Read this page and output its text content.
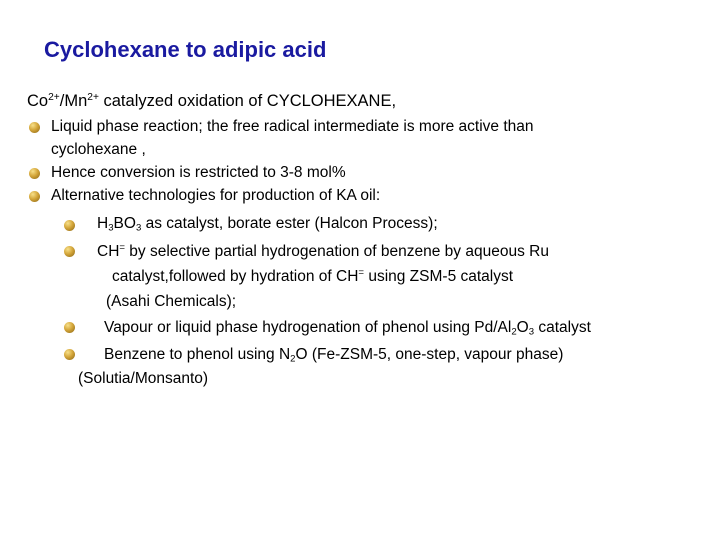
Cyclohexane to adipic acid
$Co^{2+}/Mn^{2+}$ catalyzed oxidation of CYCLOHEXANE,
Liquid phase reaction; the free radical intermediate is more active than
cyclohexane ,
Hence conversion is restricted to 3-8 mol%
Alternative technologies for production of KA oil:
$H_3BO_3$ as catalyst, borate ester (Halcon Process);
CH= by selective partial hydrogenation of benzene by aqueous Ru
catalyst,followed by hydration of CH= using ZSM-5 catalyst
(Asahi Chemicals);
Vapour or liquid phase hydrogenation of phenol using $Pd/Al_2O_3$ catalyst
Benzene to phenol using $N_2O$ (Fe-ZSM-5, one-step, vapour phase)
(Solutia/Monsanto)
